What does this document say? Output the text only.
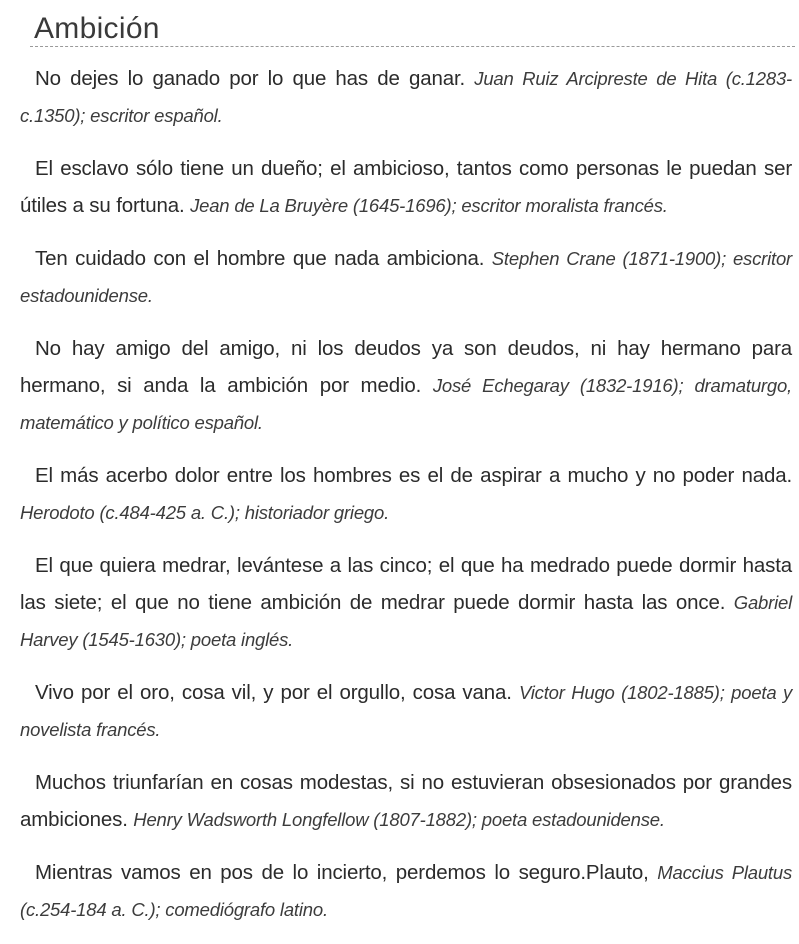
Ambición

No dejes lo ganado por lo que has de ganar. Juan Ruiz Arcipreste de Hita (c.1283-c.1350); escritor español.

El esclavo sólo tiene un dueño; el ambicioso, tantos como personas le puedan ser útiles a su fortuna. Jean de La Bruyère (1645-1696); escritor moralista francés.

Ten cuidado con el hombre que nada ambiciona. Stephen Crane (1871-1900); escritor estadounidense.

No hay amigo del amigo, ni los deudos ya son deudos, ni hay hermano para hermano, si anda la ambición por medio. José Echegaray (1832-1916); dramaturgo, matemático y político español.

El más acerbo dolor entre los hombres es el de aspirar a mucho y no poder nada. Herodoto (c.484-425 a. C.); historiador griego.

El que quiera medrar, levántese a las cinco; el que ha medrado puede dormir hasta las siete; el que no tiene ambición de medrar puede dormir hasta las once. Gabriel Harvey (1545-1630); poeta inglés.

Vivo por el oro, cosa vil, y por el orgullo, cosa vana. Victor Hugo (1802-1885); poeta y novelista francés.

Muchos triunfarían en cosas modestas, si no estuvieran obsesionados por grandes ambiciones. Henry Wadsworth Longfellow (1807-1882); poeta estadounidense.

Mientras vamos en pos de lo incierto, perdemos lo seguro.Plauto, Maccius Plautus (c.254-184 a. C.); comediógrafo latino.
